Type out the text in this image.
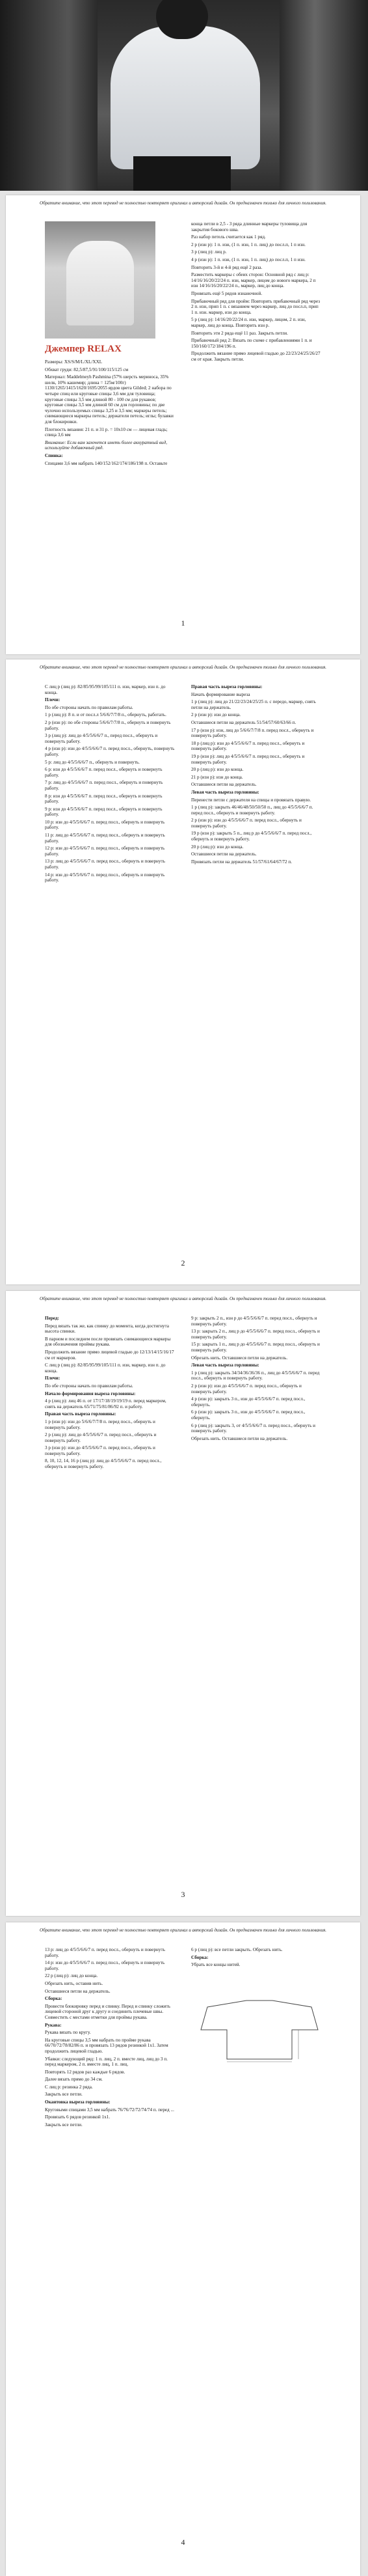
Обратите внимание, что этот перевод не полностью повторяет оригинал и авторский дизайн. Он предназначен только для личного пользования.
Джемпер RELAX

Размеры: XS/S/M/L/XL/XXL

Обхват груди: 82,5/87,5/91/100/115/125 см

Материал: Maddelmeyh Pashmina (57% шерсть мериноса, 35% шелк, 10% кашемир; длина = 125м/100г) 1130/1265/1415/1620/1695/2055 ярдов цвета Gilded; 2 набора по четыре спиц или круговые спицы 3,6 мм для туловища; круговые спицы 3,5 мм длиной 80 - 100 см для рукавов; круговые спицы 3,5 мм длиной 60 см для горловины; по две чулочно используемых спицы 3,25 и 3,5 мм; маркеры петель; снимающиеся маркеры петель; держатели петель; иглы; булавки для блокировки.

Плотность вязания: 21 п. и 31 р. = 10x10 см — лицевая гладь; спица 3,6 мм

Внимание: Если вам захочется иметь более аккуратный вид, используйте добавочный ряд.

Спинка:

Спицами 3,6 мм набрать 140/152/162/174/186/198 п. Оставьте

конца петли в 2,5 - 3 ряда длинные маркеры туловища для закрытия бокового шва.

Раз набор петель считается как 1 ряд.

2 р (изн р): 1 п. изн, (1 п. изн, 1 п. лиц) до посл.п, 1 п изн.

3 р (лиц р): лиц р.

4 р (изн р): 1 п. изн, (1 п. изн, 1 п. лиц) до посл.п, 1 п изн.

Повторить 3-й и 4-й ряд ещё 2 раза.

Разместить маркеры с обеих сторон: Основной ряд с лиц р: 14/16/16/20/22/24 п. изн, маркер, лицом до нового маркера, 2 п изн 14/16/16/20/22/24 п., маркер, лиц до конца.

Провязать ещё 5 рядов изнаночной.

Прибавочный ряд для пройм: Повторить прибавочный ряд через 2 п. изн, прип 1 п. с вязанием через маркер, лиц до посл.п, прип 1 п. изн. маркер, изн до конца.

5 р (лиц р): 14/16/20/22/24 п. изн, маркер, лицом, 2 п. изн, маркер, лиц до конца. Повторить изн р.

Повторить эти 2 ряда ещё 11 раз. Закрыть петли.

Прибавочный ряд 2: Вязать по схеме с прибавлениями 1 п. и 150/160/172/184/196 п.

Продолжить вязание прямо лицевой гладью до 22/23/24/25/26/27 см от края. Закрыть петли.

1
Обратите внимание, что этот перевод не полностью повторяет оригинал и авторский дизайн. Он предназначен только для личного пользования.

С лиц р (лиц р): 82/85/95/99/105/111 п. изн, маркер, изн п. до конца.

Плечи:

По обе стороны начать по правилам работы.

1 р (лиц р): 8 п. и от посл.л 5/6/6/7/7/8 п., обернуть, работать.

2 р (изн р): по обе стороны 5/6/6/7/7/8 п., обернуть и повернуть работу.

3 р (лиц р): лиц до 4/5/5/6/6/7 п., перед посл., обернуть и повернуть работу.

4 р (изн р): изн до 4/5/5/6/6/7 п. перед посл., обернуть, повернуть работу.

5 р: лиц до 4/5/5/6/6/7 п., обернуть и повернуть.

6 р: изн до 4/5/5/6/6/7 п. перед посл., обернуть и повернуть работу.

7 р: лиц до 4/5/5/6/6/7 п. перед посл., обернуть и повернуть работу.

8 р: изн до 4/5/5/6/6/7 п. перед посл., обернуть и повернуть работу.

9 р: изн до 4/5/5/6/6/7 п. перед посл., обернуть и повернуть работу.

10 р: изн до 4/5/5/6/6/7 п. перед посл., обернуть и повернуть работу.

11 р: лиц до 4/5/5/6/6/7 п. перед посл., обернуть и повернуть работу.

12 р: изн до 4/5/5/6/6/7 п. перед посл., обернуть и повернуть работу.

13 р: лиц до 4/5/5/6/6/7 п. перед посл., обернуть и повернуть работу.

14 р: изн до 4/5/5/6/6/7 п. перед посл., обернуть и повернуть работу.

Правая часть выреза горловины:

Начать формирование выреза

1 р (лиц р): лиц до 21/22/23/24/25/25 п. с передо, маркер, снять петли на держатель.

2 р (изн р): изн до конца.

Оставшиеся петли на держатель 51/54/57/60/63/66 п.

17 р (изн р): изн, лиц до 5/6/6/7/7/8 п. перед посл., обернуть и повернуть работу.

18 р (лиц р): изн до 4/5/5/6/6/7 п. перед посл., обернуть и повернуть работу.

19 р (изн р): лиц до 4/5/5/6/6/7 п. перед посл., обернуть и повернуть работу.

20 р (лиц р): изн до конца.

21 р (изн р): изн до конца.

Оставшиеся петли на держатель.

Левая часть выреза горловины:

Перенести петли с держателя на спицы и провязать правую.

1 р (лиц р): закрыть 46/46/48/50/50/50 п., лиц до 4/5/5/6/6/7 п. перед посл., обернуть и повернуть работу.

2 р (изн р): изн до 4/5/5/6/6/7 п. перед посл., обернуть и повернуть работу.

19 р (изн р): закрыть 5 п., лиц р до 4/5/5/6/6/7 п. перед посл., обернуть и повернуть работу.

20 р (лиц р): изн до конца.

Оставшиеся петли на держатель.

Провязать петли на держатель 51/57/61/64/67/72 п.

2
Обратите внимание, что этот перевод не полностью повторяет оригинал и авторский дизайн. Он предназначен только для личного пользования.

Перед:

Перед вязать так же, как спинку до момента, когда достигнута высота спинки.

В парном и последнем после провязать снимающиеся маркеры для обозначения проймы рукава.

Продолжить вязание прямо лицевой гладью до 12/13/14/15/16/17 см от маркеров.

С лиц р (лиц р): 82/85/95/99/105/111 п. изн, маркер, изн п. до конца.

Плечи:

По обе стороны начать по правилам работы.

Начало формирования выреза горловины:

4 р (лиц р): лиц 46 п. от 17/17/18/19/19/19 п. перед маркером, снять на держатель 65/71/75/81/86/92 п. и работу.

Правая часть выреза горловины:

1 р (изн р): изн до 5/6/6/7/7/8 п. перед посл., обернуть и повернуть работу.

2 р (лиц р): лиц до 4/5/5/6/6/7 п. перед посл., обернуть и повернуть работу.

3 р (изн р): изн до 4/5/5/6/6/7 п. перед посл., обернуть и повернуть работу.

8, 10, 12, 14, 16 р (лиц р): лиц до 4/5/5/6/6/7 п. перед посл., обернуть и повернуть работу.

9 р: закрыть 2 п., изн р до 4/5/5/6/6/7 п. перед посл., обернуть и повернуть работу.

13 р: закрыть 2 п., лиц р до 4/5/5/6/6/7 п. перед посл., обернуть и повернуть работу.

15 р: закрыть 1 п., лиц р до 4/5/5/6/6/7 п. перед посл., обернуть и повернуть работу.

Обрезать нить. Оставшиеся петли на держатель.

Левая часть выреза горловины:

1 р (лиц р): закрыть 34/34/36/36/36 п., лиц до 4/5/5/6/6/7 п. перед посл., обернуть и повернуть работу.

2 р (изн р): изн до 4/5/5/6/6/7 п. перед посл., обернуть и повернуть работу.

4 р (изн р): закрыть 3 п., изн до 4/5/5/6/6/7 п. перед посл., обернуть.

6 р (изн р): закрыть 3 п., изн до 4/5/5/6/6/7 п. перед посл., обернуть.

6 р (лиц р): закрыть 3, от 4/5/5/6/6/7 п. перед посл., обернуть и повернуть работу.

Обрезать нить. Оставшиеся петли на держатель.

3
Обратите внимание, что этот перевод не полностью повторяет оригинал и авторский дизайн. Он предназначен только для личного пользования.

13 р: лиц до 4/5/5/6/6/7 п. перед посл., обернуть и повернуть работу.

14 р: изн до 4/5/5/6/6/7 п. перед посл., обернуть и повернуть работу.

22 р (лиц р): лиц до конца.

Обрезать нить, оставив нить.

Оставшиеся петли на держатель.

Сборка:

Провести блокировку перед и спинку. Перед и спинку сложить лицевой стороной друг к другу и соединить плечевые швы. Совместить с местами отметки для проймы рукава.

Рукава:

Рукава вязать по кругу.

На круговые спицы 3,5 мм набрать по пройме рукава 66/70/72/78/82/86 п. и провязать 13 рядов резинкой 1x1. Затем продолжить лицевой гладью.

Убавки: следующий ряд: 1 п. лиц, 2 п. вместе лиц, лиц до 3 п. перед маркером, 2 п. вместе лиц, 1 п. лиц.

Повторять 12 рядов раз каждые 6 рядов.

Далее вязать прямо до 34 см.

С лиц р: резинка 2 ряда.

Закрыть все петли.

Окантовка выреза горловины:

Круговыми спицами 3,5 мм набрать 76/76/72/72/74/74 п. перед ...

Провязать 6 рядов резинкой 1x1.

Закрыть все петли.

6 р (лиц р): все петли закрыть. Обрезать нить.

Сборка:

Убрать все концы нитей.

4
